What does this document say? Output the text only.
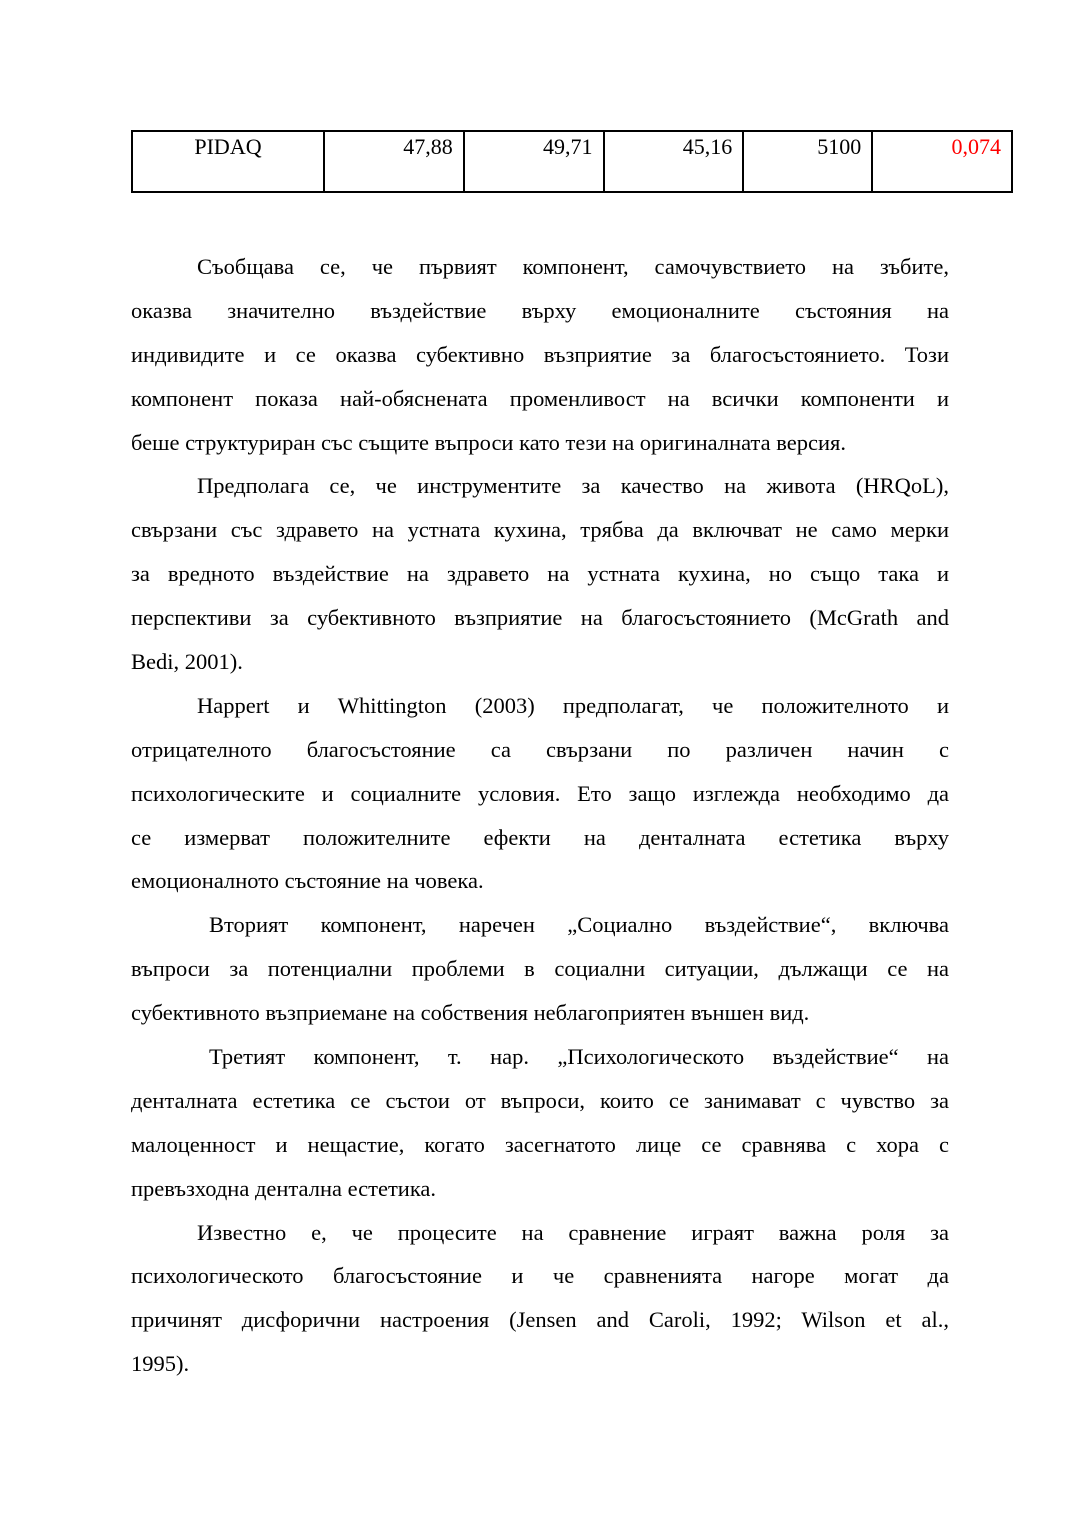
PIDAQ	47,88	49,71	45,16	5100	0,074
Съобщава се, че първият компонент, самочувствието на зъбите,
оказва значително въздействие върху емоционалните състояния на
индивидите и се оказва субективно възприятие за благосъстоянието. Този
компонент показа най-обяснената променливост на всички компоненти и
беше структуриран със същите въпроси като тези на оригиналната версия.
Предполага се, че инструментите за качество на живота (HRQoL),
свързани със здравето на устната кухина, трябва да включват не само мерки
за вредното въздействие на здравето на устната кухина, но също така и
перспективи за субективното възприятие на благосъстоянието (McGrath and
Bedi, 2001).
Happert и Whittington (2003) предполагат, че положителното и
отрицателното благосъстояние са свързани по различен начин с
психологическите и социалните условия. Ето защо изглежда необходимо да
се измерват положителните ефекти на денталната естетика върху
емоционалното състояние на човека.
Вторият компонент, наречен „Социално въздействие“, включва
въпроси за потенциални проблеми в социални ситуации, дължащи се на
субективното възприемане на собствения неблагоприятен външен вид.
Третият компонент, т. нар. „Психологическото въздействие“ на
денталната естетика се състои от въпроси, които се занимават с чувство за
малоценност и нещастие, когато засегнатото лице се сравнява с хора с
превъзходна дентална естетика.
Известно е, че процесите на сравнение играят важна роля за
психологическото благосъстояние и че сравненията нагоре могат да
причинят дисфорични настроения (Jensen and Caroli, 1992; Wilson et al.,
1995).
